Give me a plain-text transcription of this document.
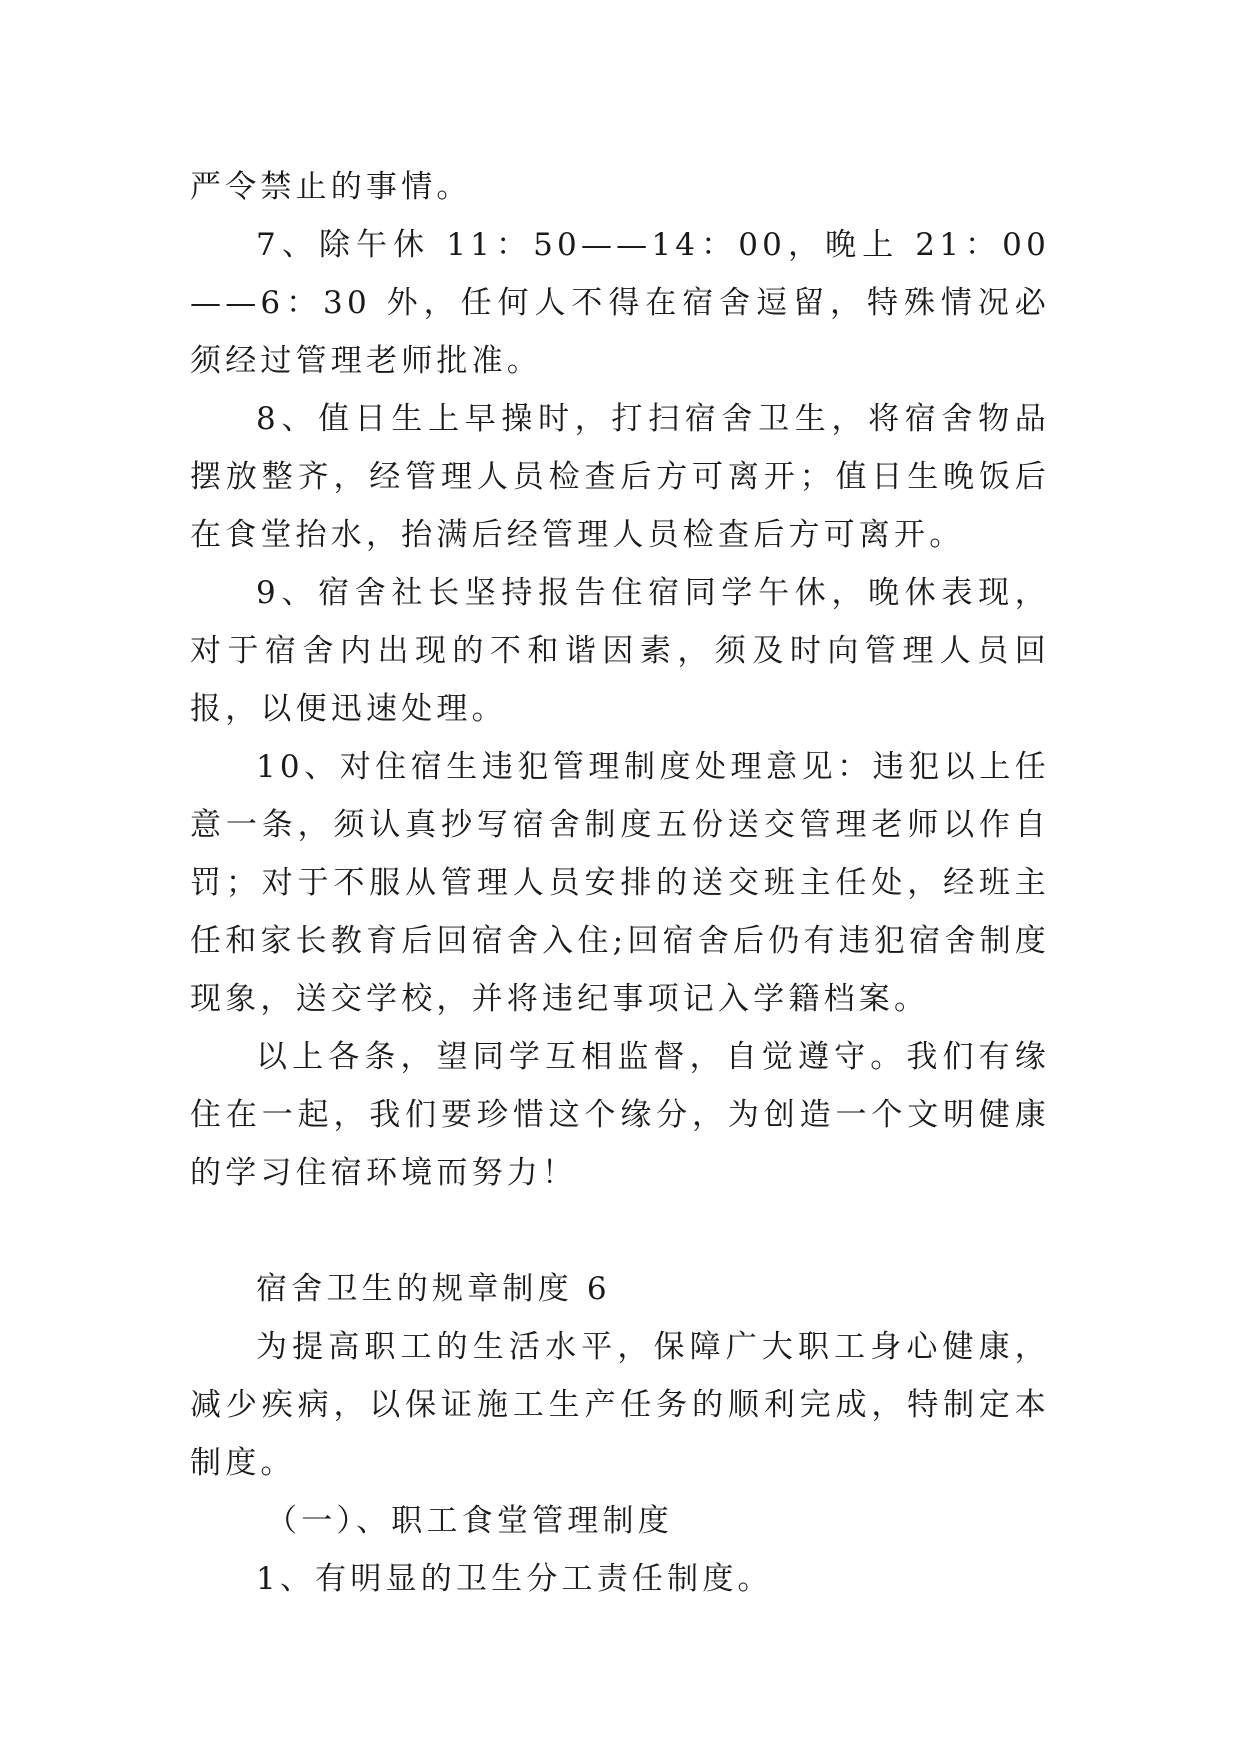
严令禁止的事情。

7、除午休 11：50——14：00，晚上 21：00——6：30 外，任何人不得在宿舍逗留，特殊情况必须经过管理老师批准。

8、值日生上早操时，打扫宿舍卫生，将宿舍物品摆放整齐，经管理人员检查后方可离开；值日生晚饭后在食堂抬水，抬满后经管理人员检查后方可离开。

9、宿舍社长坚持报告住宿同学午休，晚休表现，对于宿舍内出现的不和谐因素，须及时向管理人员回报，以便迅速处理。

10、对住宿生违犯管理制度处理意见：违犯以上任意一条，须认真抄写宿舍制度五份送交管理老师以作自罚；对于不服从管理人员安排的送交班主任处，经班主任和家长教育后回宿舍入住;回宿舍后仍有违犯宿舍制度现象，送交学校，并将违纪事项记入学籍档案。

以上各条，望同学互相监督，自觉遵守。我们有缘住在一起，我们要珍惜这个缘分，为创造一个文明健康的学习住宿环境而努力！

宿舍卫生的规章制度 6

为提高职工的生活水平，保障广大职工身心健康，减少疾病，以保证施工生产任务的顺利完成，特制定本制度。

（一）、职工食堂管理制度

1、有明显的卫生分工责任制度。
